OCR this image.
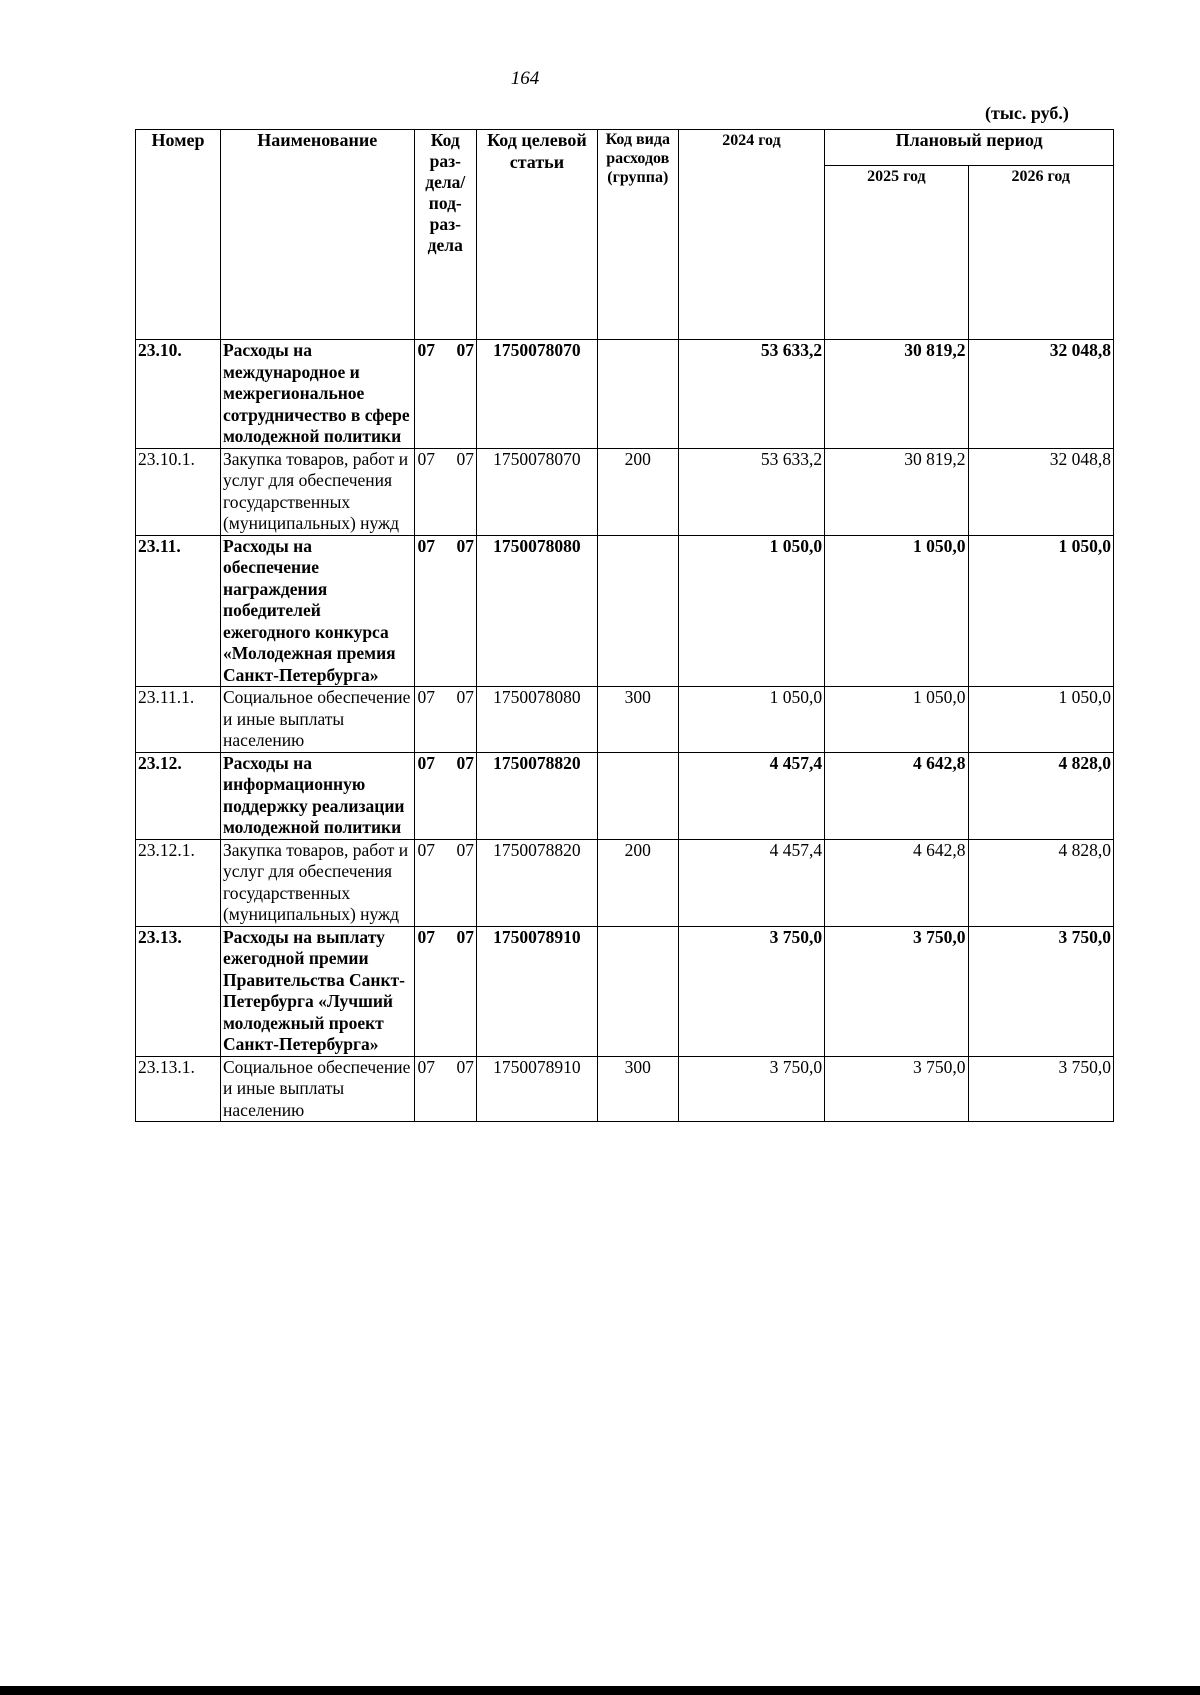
164
(тыс. руб.)
Номер	Наименование	Код раз-дела/ под-раз-дела	Код целевой статьи	Код вида расходов (группа)	2024 год	Плановый период	
						2025 год	2026 год
23.10.	Расходы на международное и межрегиональное сотрудничество в сфере молодежной политики	07 07	1750078070		53 633,2	30 819,2	32 048,8
23.10.1.	Закупка товаров, работ и услуг для обеспечения государственных (муниципальных) нужд	07 07	1750078070	200	53 633,2	30 819,2	32 048,8
23.11.	Расходы на обеспечение награждения победителей ежегодного конкурса «Молодежная премия Санкт-Петербурга»	07 07	1750078080		1 050,0	1 050,0	1 050,0
23.11.1.	Социальное обеспечение и иные выплаты населению	07 07	1750078080	300	1 050,0	1 050,0	1 050,0
23.12.	Расходы на информационную поддержку реализации молодежной политики	07 07	1750078820		4 457,4	4 642,8	4 828,0
23.12.1.	Закупка товаров, работ и услуг для обеспечения государственных (муниципальных) нужд	07 07	1750078820	200	4 457,4	4 642,8	4 828,0
23.13.	Расходы на выплату ежегодной премии Правительства Санкт-Петербурга «Лучший молодежный проект Санкт-Петербурга»	07 07	1750078910		3 750,0	3 750,0	3 750,0
23.13.1.	Социальное обеспечение и иные выплаты населению	07 07	1750078910	300	3 750,0	3 750,0	3 750,0
